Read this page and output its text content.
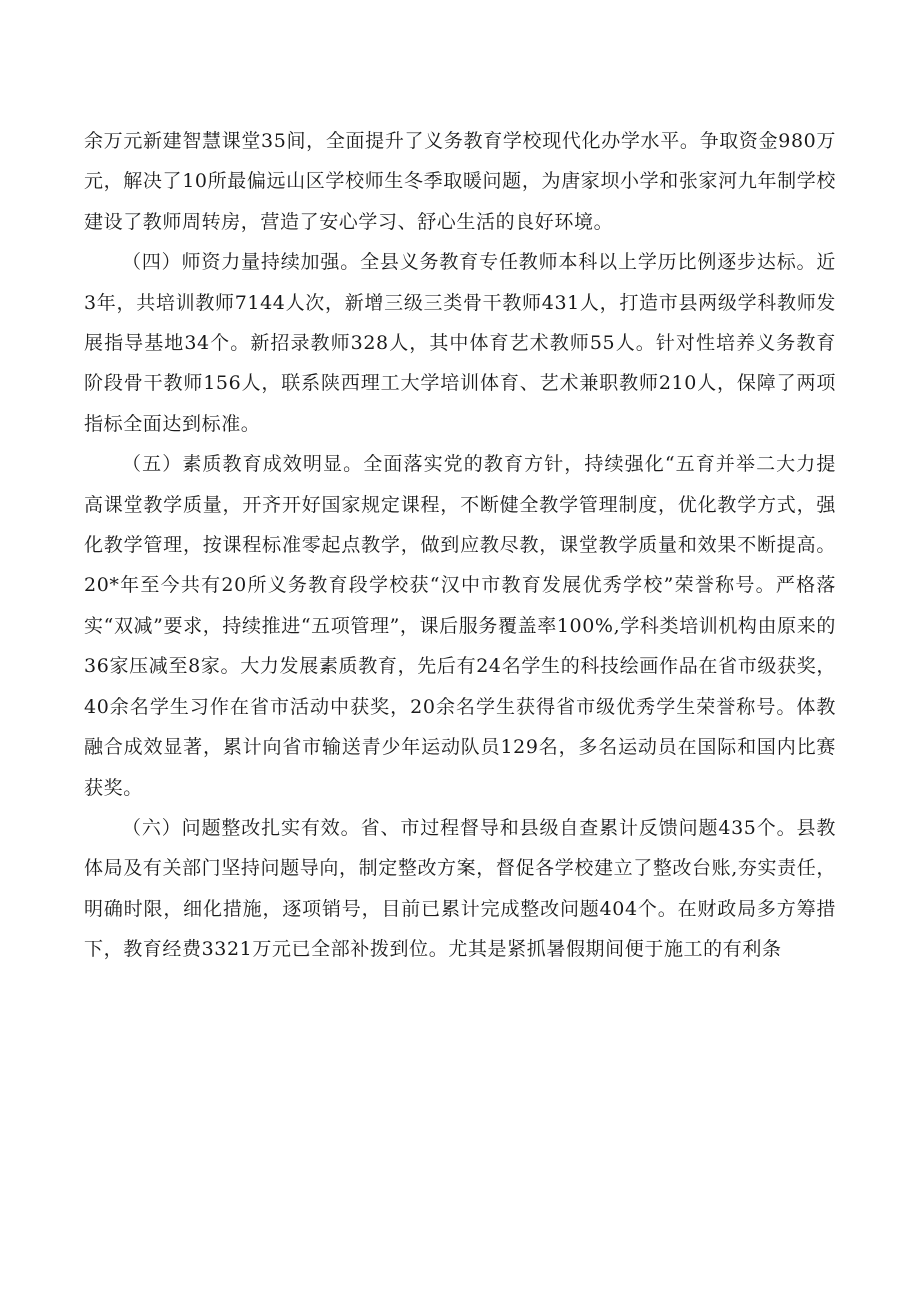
余万元新建智慧课堂35间，全面提升了义务教育学校现代化办学水平。争取资金980万元，解决了10所最偏远山区学校师生冬季取暖问题，为唐家坝小学和张家河九年制学校建设了教师周转房，营造了安心学习、舒心生活的良好环境。

（四）师资力量持续加强。全县义务教育专任教师本科以上学历比例逐步达标。近3年，共培训教师7144人次，新增三级三类骨干教师431人，打造市县两级学科教师发展指导基地34个。新招录教师328人，其中体育艺术教师55人。针对性培养义务教育阶段骨干教师156人，联系陕西理工大学培训体育、艺术兼职教师210人，保障了两项指标全面达到标准。

（五）素质教育成效明显。全面落实党的教育方针，持续强化“五育并举二大力提高课堂教学质量，开齐开好国家规定课程，不断健全教学管理制度，优化教学方式，强化教学管理，按课程标准零起点教学，做到应教尽教，课堂教学质量和效果不断提高。20*年至今共有20所义务教育段学校获“汉中市教育发展优秀学校”荣誉称号。严格落实“双减”要求，持续推进“五项管理”，课后服务覆盖率100%,学科类培训机构由原来的36家压减至8家。大力发展素质教育，先后有24名学生的科技绘画作品在省市级获奖，40余名学生习作在省市活动中获奖，20余名学生获得省市级优秀学生荣誉称号。体教融合成效显著，累计向省市输送青少年运动队员129名，多名运动员在国际和国内比赛获奖。

（六）问题整改扎实有效。省、市过程督导和县级自查累计反馈问题435个。县教体局及有关部门坚持问题导向，制定整改方案，督促各学校建立了整改台账,夯实责任，明确时限，细化措施，逐项销号，目前已累计完成整改问题404个。在财政局多方筹措下，教育经费3321万元已全部补拨到位。尤其是紧抓暑假期间便于施工的有利条
